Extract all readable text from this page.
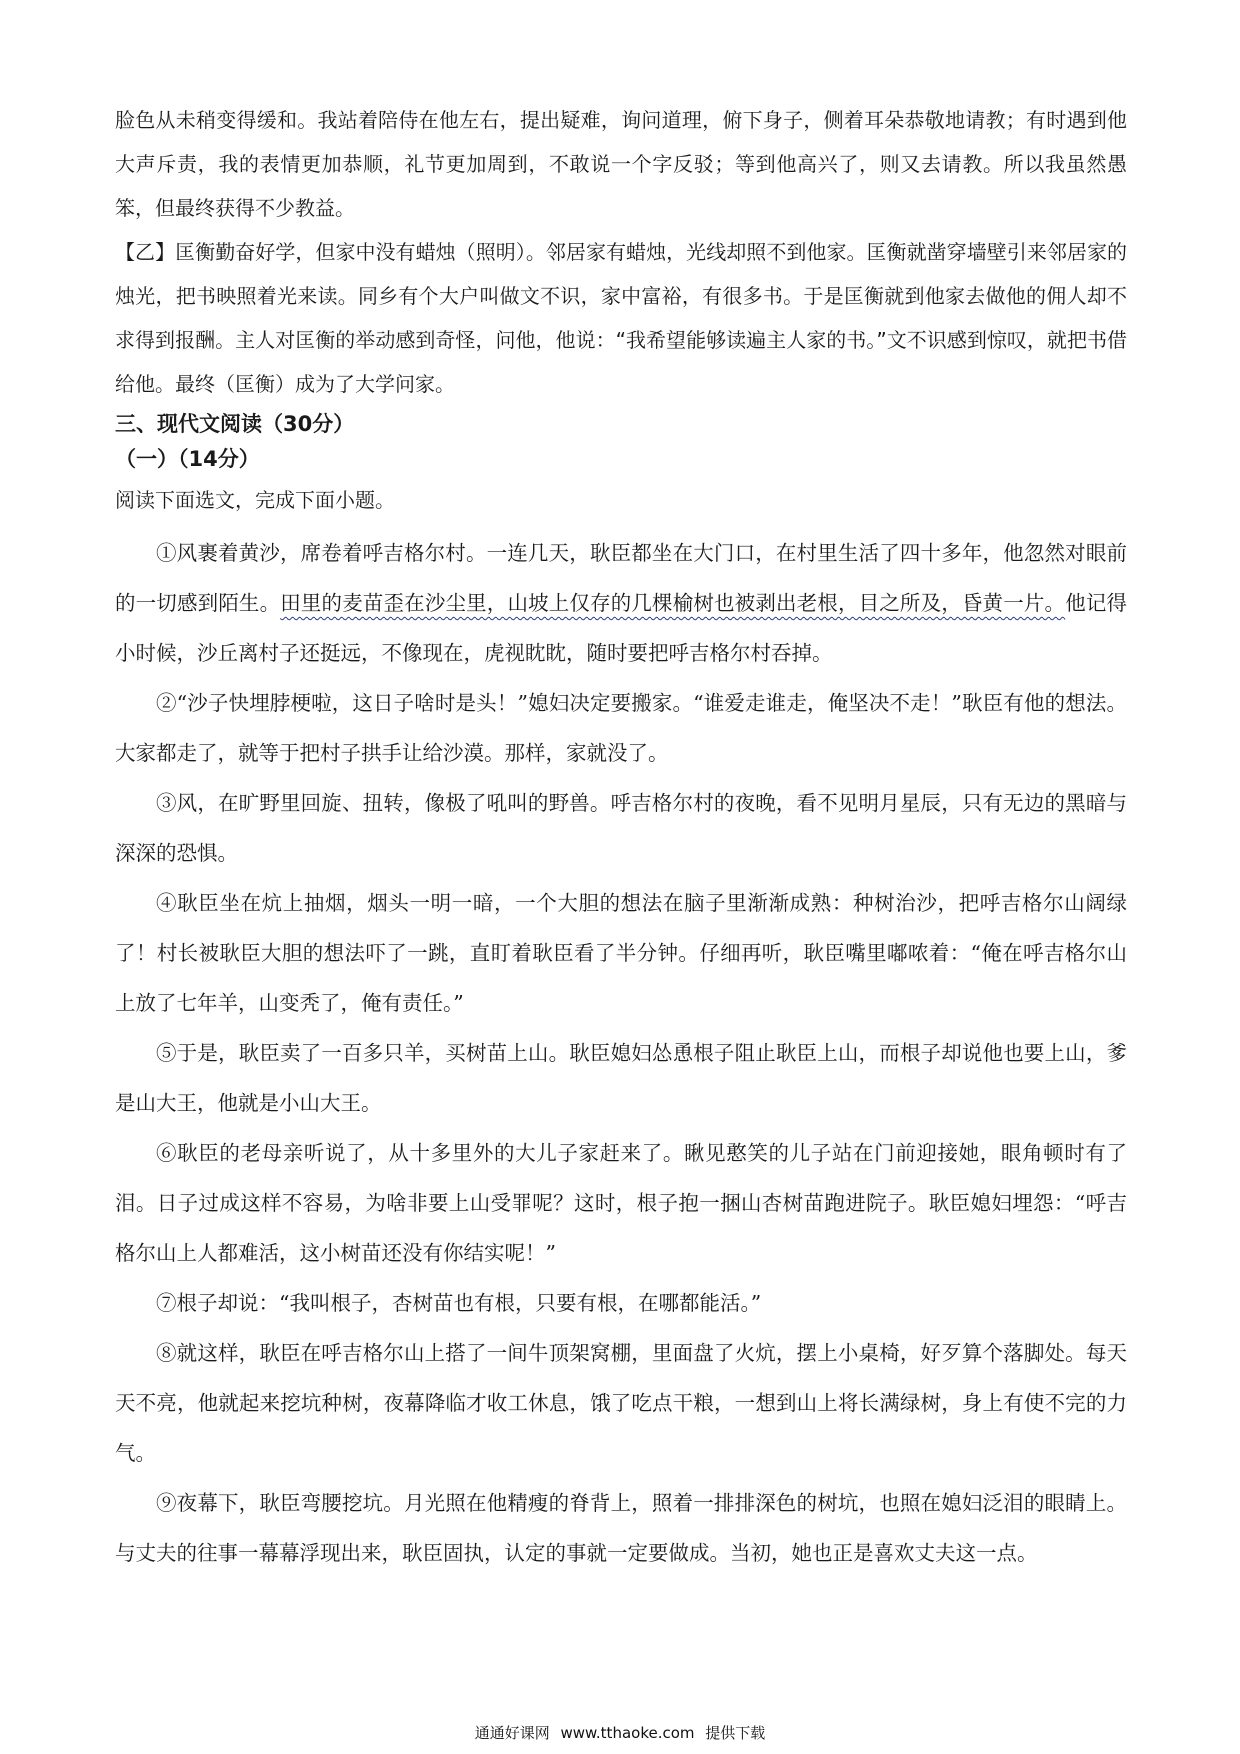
脸色从未稍变得缓和。我站着陪侍在他左右，提出疑难，询问道理，俯下身子，侧着耳朵恭敬地请教；有时遇到他大声斥责，我的表情更加恭顺，礼节更加周到，不敢说一个字反驳；等到他高兴了，则又去请教。所以我虽然愚笨，但最终获得不少教益。

【乙】匡衡勤奋好学，但家中没有蜡烛（照明）。邻居家有蜡烛，光线却照不到他家。匡衡就凿穿墙壁引来邻居家的烛光，把书映照着光来读。同乡有个大户叫做文不识，家中富裕，有很多书。于是匡衡就到他家去做他的佣人却不求得到报酬。主人对匡衡的举动感到奇怪，问他，他说：“我希望能够读遍主人家的书。”文不识感到惊叹，就把书借给他。最终（匡衡）成为了大学问家。

三、现代文阅读（30分）

（一）（14分）

阅读下面选文，完成下面小题。

①风裹着黄沙，席卷着呼吉格尔村。一连几天，耿臣都坐在大门口，在村里生活了四十多年，他忽然对眼前的一切感到陌生。田里的麦苗歪在沙尘里，山坡上仅存的几棵榆树也被剥出老根，目之所及，昏黄一片。他记得小时候，沙丘离村子还挺远，不像现在，虎视眈眈，随时要把呼吉格尔村吞掉。

②“沙子快埋脖梗啦，这日子啥时是头！”媳妇决定要搬家。“谁爱走谁走，俺坚决不走！”耿臣有他的想法。大家都走了，就等于把村子拱手让给沙漠。那样，家就没了。

③风，在旷野里回旋、扭转，像极了吼叫的野兽。呼吉格尔村的夜晚，看不见明月星辰，只有无边的黑暗与深深的恐惧。

④耿臣坐在炕上抽烟，烟头一明一暗，一个大胆的想法在脑子里渐渐成熟：种树治沙，把呼吉格尔山阔绿了！村长被耿臣大胆的想法吓了一跳，直盯着耿臣看了半分钟。仔细再听，耿臣嘴里嘟哝着：“俺在呼吉格尔山上放了七年羊，山变秃了，俺有责任。”

⑤于是，耿臣卖了一百多只羊，买树苗上山。耿臣媳妇怂恿根子阻止耿臣上山，而根子却说他也要上山，爹是山大王，他就是小山大王。

⑥耿臣的老母亲听说了，从十多里外的大儿子家赶来了。瞅见憨笑的儿子站在门前迎接她，眼角顿时有了泪。日子过成这样不容易，为啥非要上山受罪呢？这时，根子抱一捆山杏树苗跑进院子。耿臣媳妇埋怨：“呼吉格尔山上人都难活，这小树苗还没有你结实呢！”

⑦根子却说：“我叫根子，杏树苗也有根，只要有根，在哪都能活。”

⑧就这样，耿臣在呼吉格尔山上搭了一间牛顶架窝棚，里面盘了火炕，摆上小桌椅，好歹算个落脚处。每天天不亮，他就起来挖坑种树，夜幕降临才收工休息，饿了吃点干粮，一想到山上将长满绿树，身上有使不完的力气。

⑨夜幕下，耿臣弯腰挖坑。月光照在他精瘦的脊背上，照着一排排深色的树坑，也照在媳妇泛泪的眼睛上。与丈夫的往事一幕幕浮现出来，耿臣固执，认定的事就一定要做成。当初，她也正是喜欢丈夫这一点。

通通好课网 www.tthaoke.com 提供下载
